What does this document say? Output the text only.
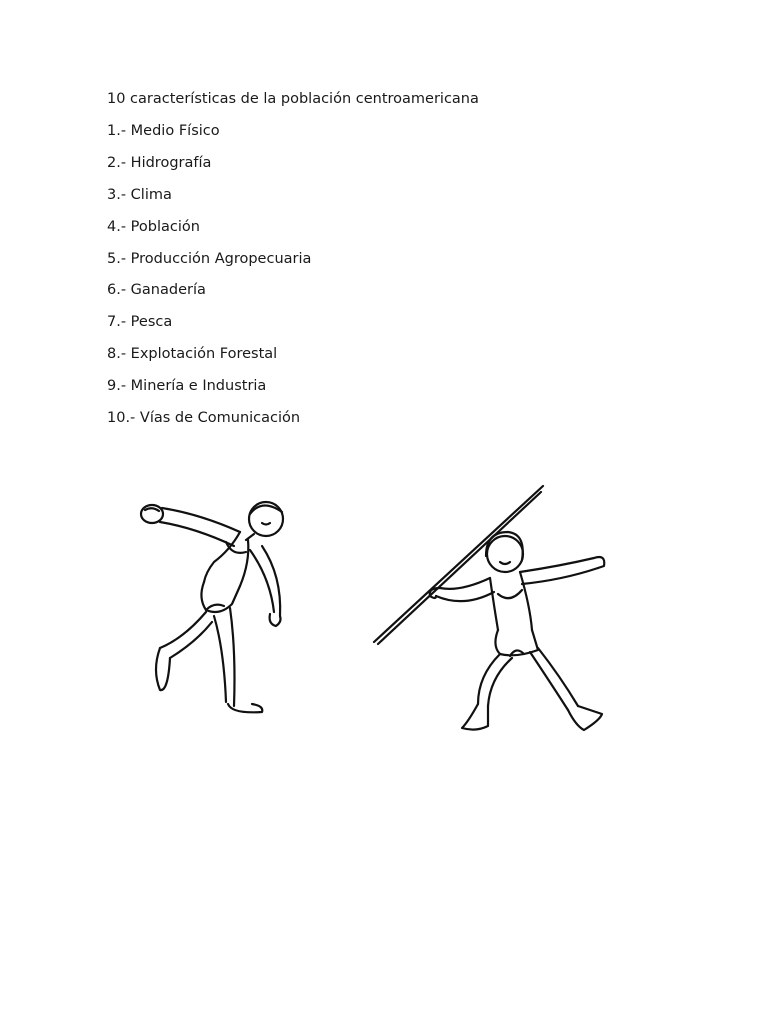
10 características de la población centroamericana

1.- Medio Físico

2.- Hidrografía

3.- Clima

4.- Población

5.- Producción Agropecuaria

6.- Ganadería

7.- Pesca

8.- Explotación Forestal

9.- Minería e Industria

10.- Vías de Comunicación
